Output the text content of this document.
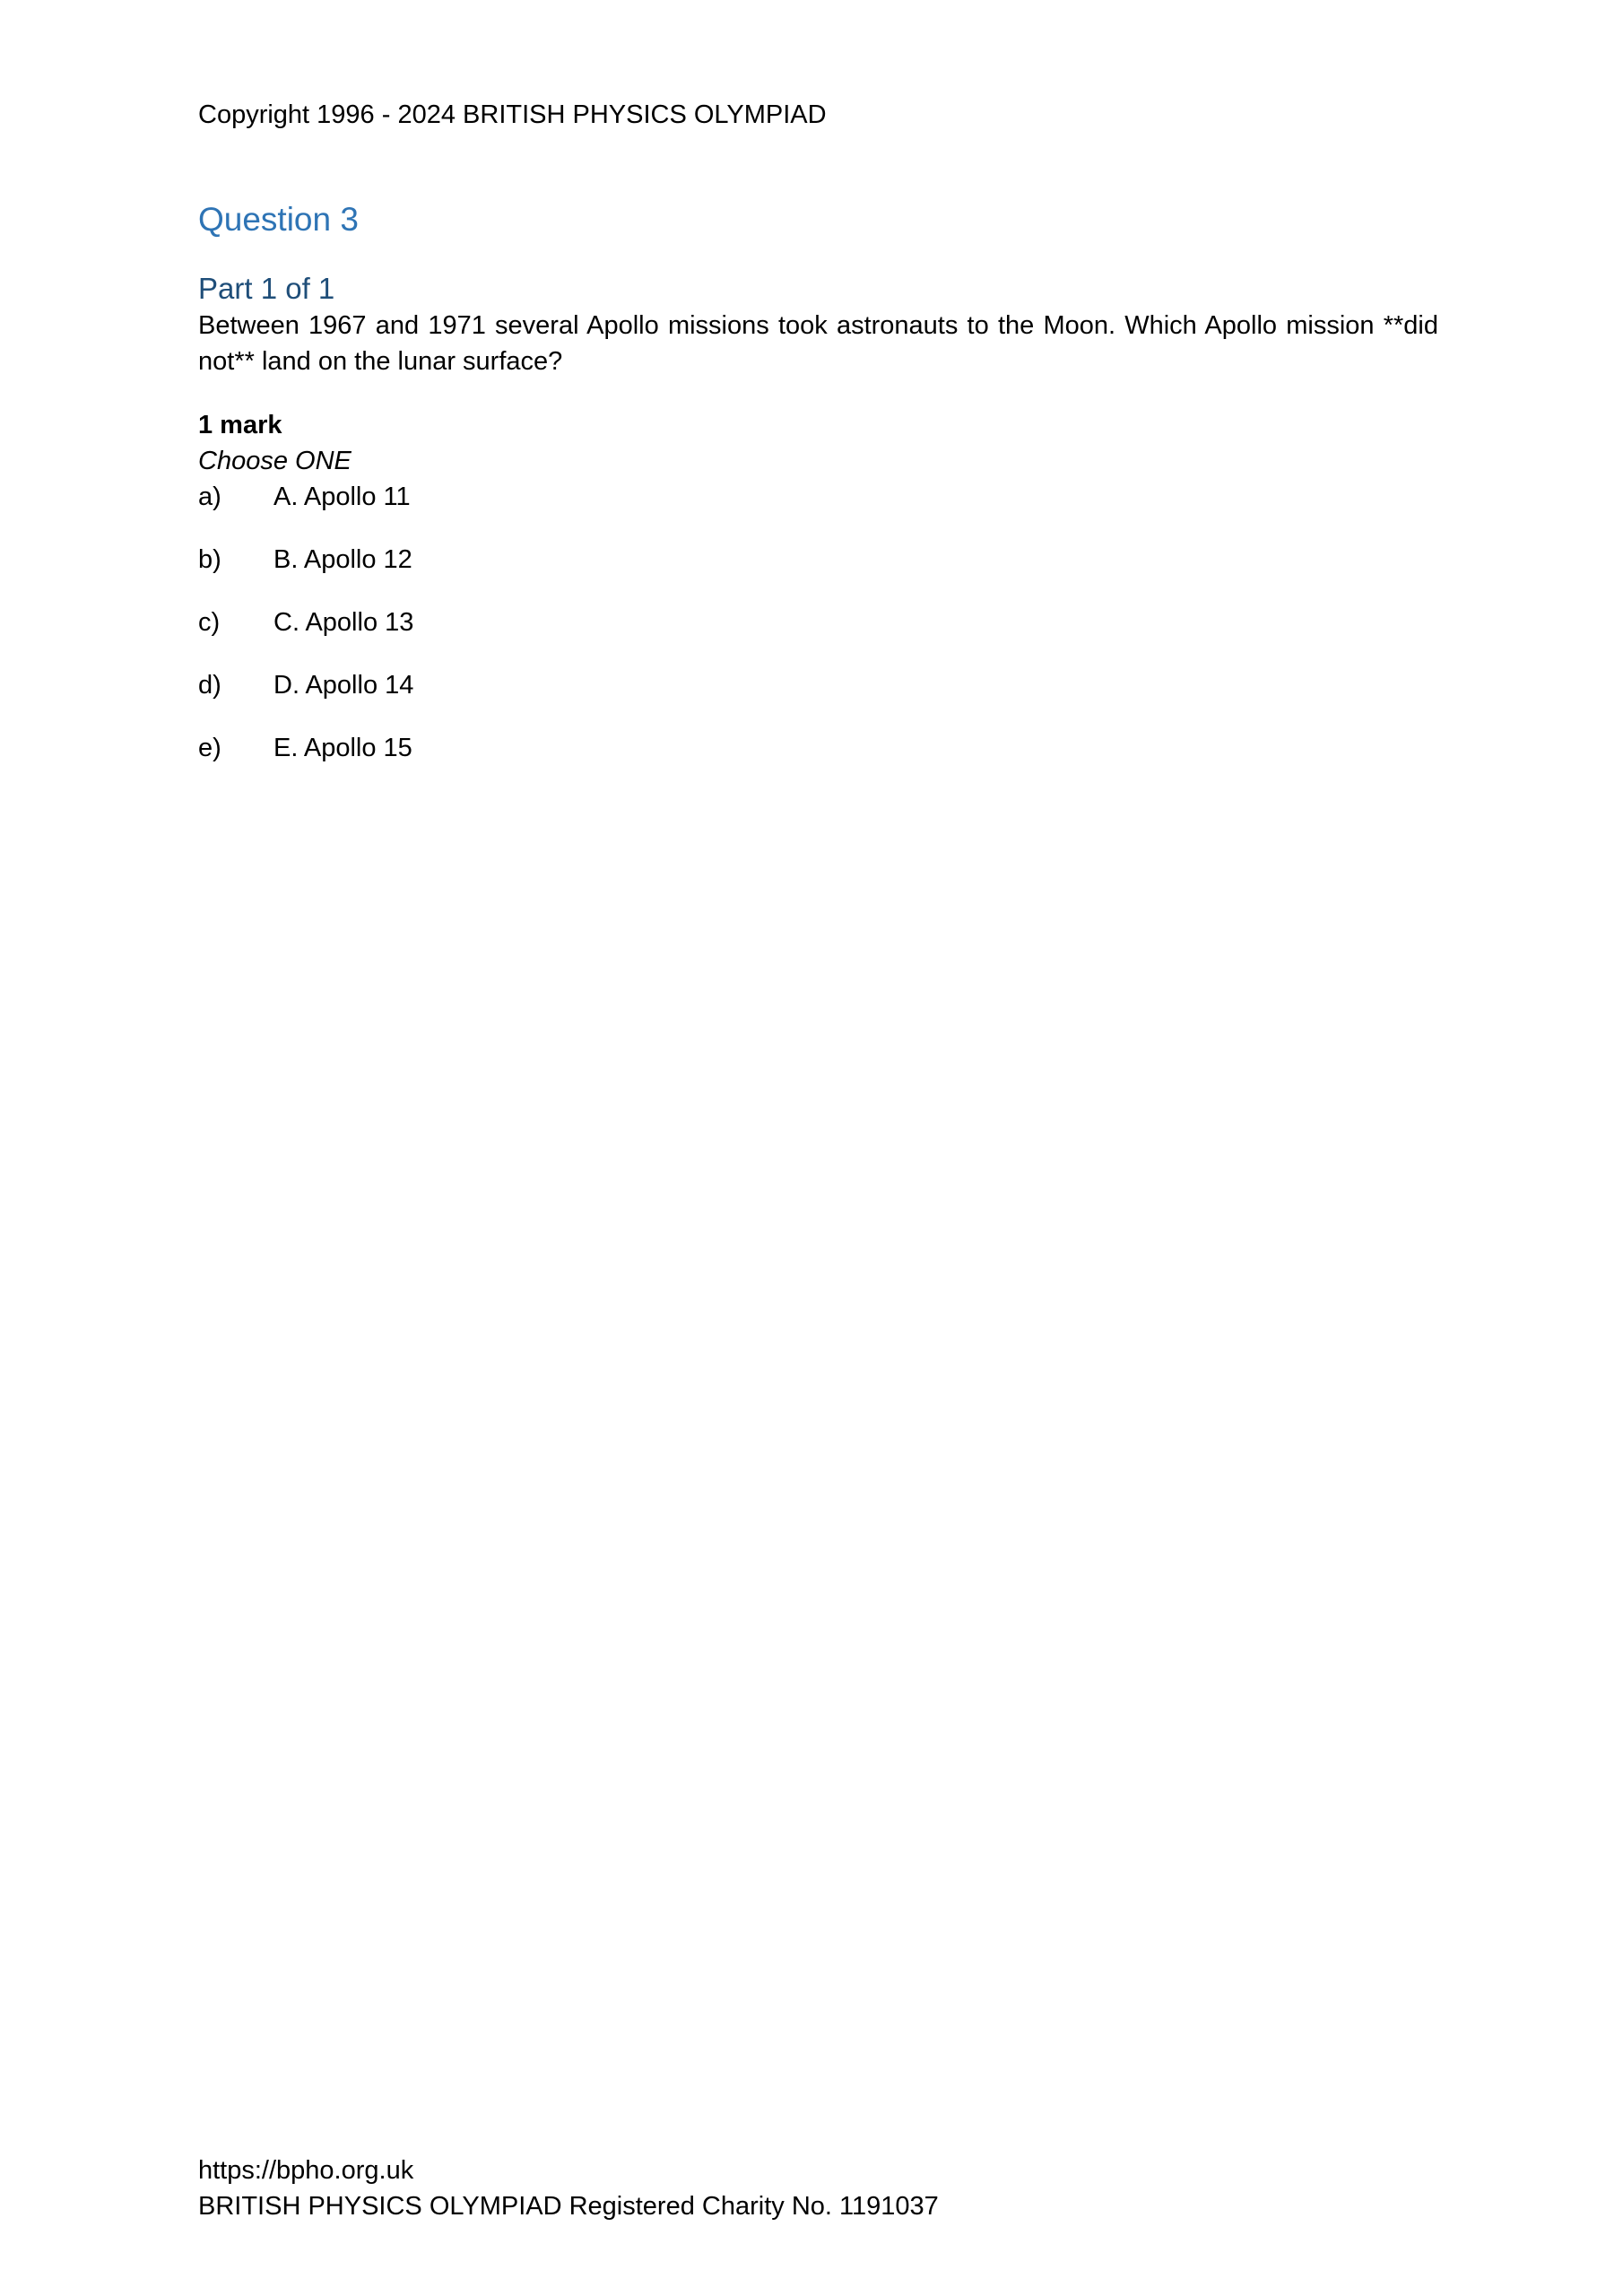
Copyright 1996 - 2024 BRITISH PHYSICS OLYMPIAD
Question 3
Part 1 of 1
Between 1967 and 1971 several Apollo missions took astronauts to the Moon. Which Apollo mission **did not** land on the lunar surface?
1 mark
Choose ONE
a) A. Apollo 11
b) B. Apollo 12
c) C. Apollo 13
d) D. Apollo 14
e) E. Apollo 15
https://bpho.org.uk
BRITISH PHYSICS OLYMPIAD Registered Charity No. 1191037
